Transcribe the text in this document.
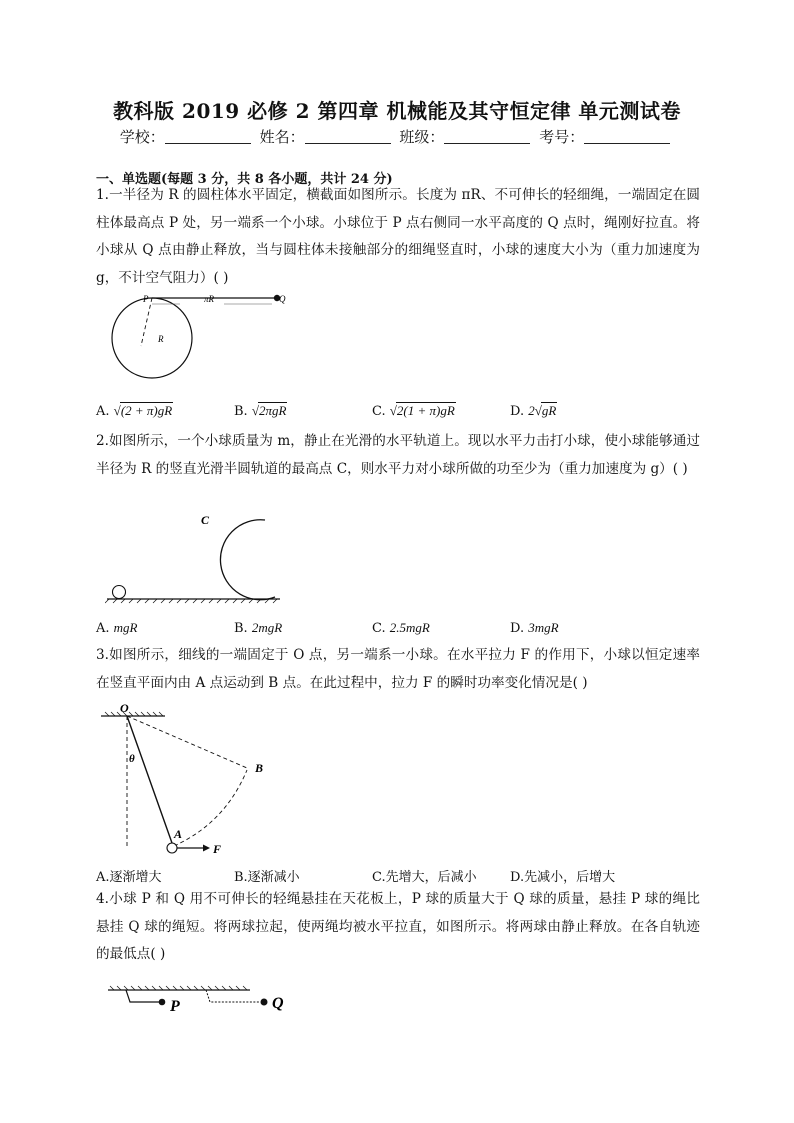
教科版 2019 必修 2 第四章 机械能及其守恒定律 单元测试卷
学校：	姓名：	班级：	考号：
一、单选题(每题 3 分，共 8 各小题，共计 24 分)
1.一半径为 R 的圆柱体水平固定，横截面如图所示。长度为 πR、不可伸长的轻细绳，一端固定在圆柱体最高点 P 处，另一端系一个小球。小球位于 P 点右侧同一水平高度的 Q 点时，绳刚好拉直。将小球从 Q 点由静止释放，当与圆柱体未接触部分的细绳竖直时，小球的速度大小为（重力加速度为 g，不计空气阻力）( )
P	Q
πR
R
A. √(2 + π)gR	B. √2πgR	C. √2(1 + π)gR	D. 2√gR
2.如图所示，一个小球质量为 m，静止在光滑的水平轨道上。现以水平力击打小球，使小球能够通过半径为 R 的竖直光滑半圆轨道的最高点 C，则水平力对小球所做的功至少为（重力加速度为 g）( )
C
A. mgR	B. 2mgR	C. 2.5mgR	D. 3mgR
3.如图所示，细线的一端固定于 O 点，另一端系一小球。在水平拉力 F 的作用下，小球以恒定速率在竖直平面内由 A 点运动到 B 点。在此过程中，拉力 F 的瞬时功率变化情况是( )
O
θ
B
A
F
A.逐渐增大	B.逐渐减小	C.先增大，后减小	D.先减小，后增大
4.小球 P 和 Q 用不可伸长的轻绳悬挂在天花板上，P 球的质量大于 Q 球的质量，悬挂 P 球的绳比悬挂 Q 球的绳短。将两球拉起，使两绳均被水平拉直，如图所示。将两球由静止释放。在各自轨迹的最低点( )
P	Q
